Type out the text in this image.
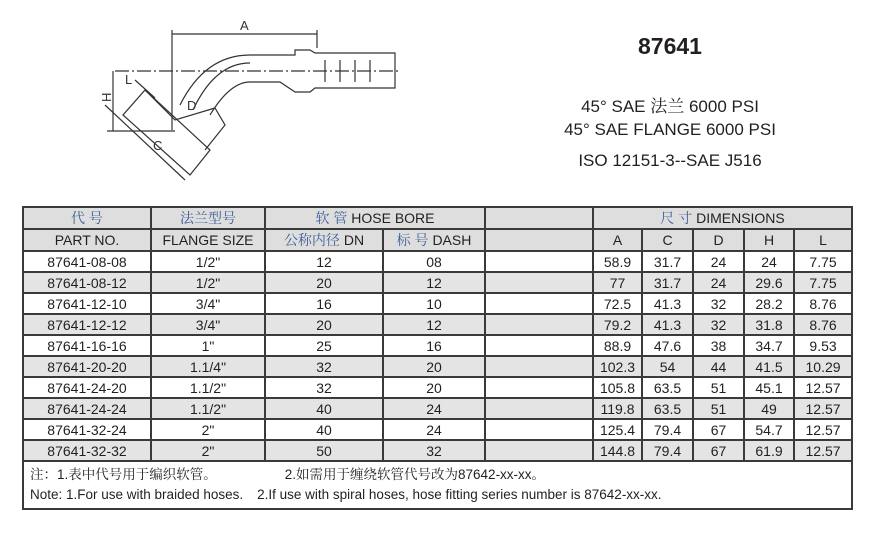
H
A
C
D
L
87641
45° SAE 法兰 6000 PSI
45° SAE FLANGE 6000 PSI
ISO 12151-3--SAE J516
代 号	法兰型号	软 管 HOSE BORE			尺 寸 DIMENSIONS				
PART NO.	FLANGE SIZE	公称内径 DN	标 号 DASH		A	C	D	H	L
87641-08-08	1/2"	12	08		58.9	31.7	24	24	7.75
87641-08-12	1/2"	20	12		77	31.7	24	29.6	7.75
87641-12-10	3/4"	16	10		72.5	41.3	32	28.2	8.76
87641-12-12	3/4"	20	12		79.2	41.3	32	31.8	8.76
87641-16-16	1"	25	16		88.9	47.6	38	34.7	9.53
87641-20-20	1.1/4"	32	20		102.3	54	44	41.5	10.29
87641-24-20	1.1/2"	32	20		105.8	63.5	51	45.1	12.57
87641-24-24	1.1/2"	40	24		119.8	63.5	51	49	12.57
87641-32-24	2"	40	24		125.4	79.4	67	54.7	12.57
87641-32-32	2"	50	32		144.8	79.4	67	61.9	12.57

注：1.表中代号用于编织软管。 2.如需用于缠绕软管代号改为87642-xx-xx。
Note: 1.For use with braided hoses. 2.If use with spiral hoses, hose fitting series number is 87642-xx-xx.									
